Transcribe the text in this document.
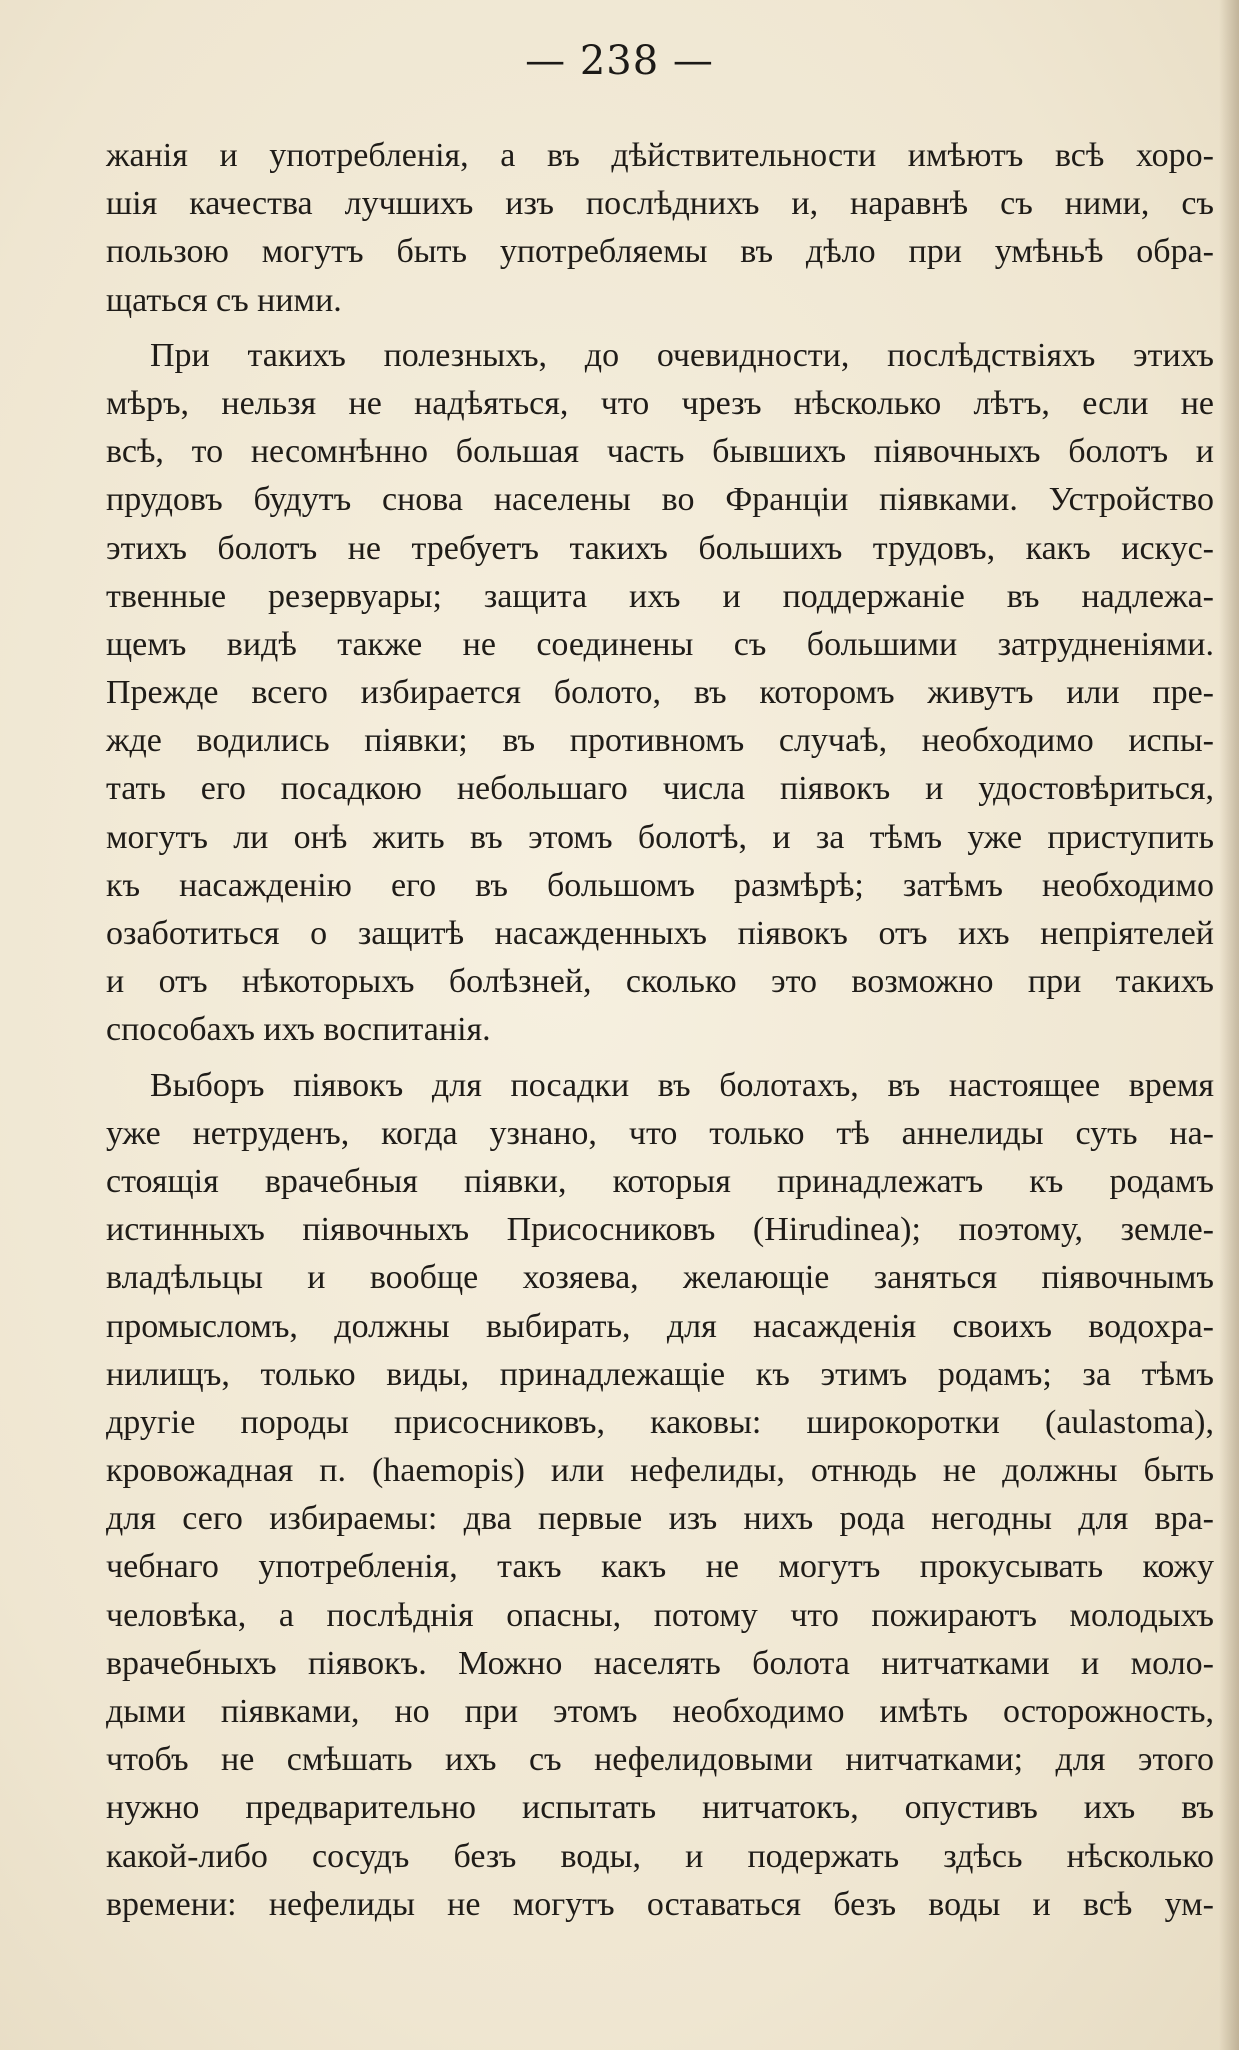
— 238 —
жанія и употребленія, а въ дѣйствительности имѣютъ всѣ хоро-
шія качества лучшихъ изъ послѣднихъ и, наравнѣ съ ними, съ
пользою могутъ быть употребляемы въ дѣло при умѣньѣ обра-
щаться съ ними.
При такихъ полезныхъ, до очевидности, послѣдствіяхъ этихъ
мѣръ, нельзя не надѣяться, что чрезъ нѣсколько лѣтъ, если не
всѣ, то несомнѣнно большая часть бывшихъ піявочныхъ болотъ и
прудовъ будутъ снова населены во Франціи піявками. Устройство
этихъ болотъ не требуетъ такихъ большихъ трудовъ, какъ искус-
твенные резервуары; защита ихъ и поддержаніе въ надлежа-
щемъ видѣ также не соединены съ большими затрудненіями.
Прежде всего избирается болото, въ которомъ живутъ или пре-
жде водились піявки; въ противномъ случаѣ, необходимо испы-
тать его посадкою небольшаго числа піявокъ и удостовѣриться,
могутъ ли онѣ жить въ этомъ болотѣ, и за тѣмъ уже приступить
къ насажденію его въ большомъ размѣрѣ; затѣмъ необходимо
озаботиться о защитѣ насажденныхъ піявокъ отъ ихъ непріятелей
и отъ нѣкоторыхъ болѣзней, сколько это возможно при такихъ
способахъ ихъ воспитанія.
Выборъ піявокъ для посадки въ болотахъ, въ настоящее время
уже нетруденъ, когда узнано, что только тѣ аннелиды суть на-
стоящія врачебныя піявки, которыя принадлежатъ къ родамъ
истинныхъ піявочныхъ Присосниковъ (Hirudinea); поэтому, земле-
владѣльцы и вообще хозяева, желающіе заняться піявочнымъ
промысломъ, должны выбирать, для насажденія своихъ водохра-
нилищъ, только виды, принадлежащіе къ этимъ родамъ; за тѣмъ
другіе породы присосниковъ, каковы: широкоротки (aulastoma),
кровожадная п. (haemopis) или нефелиды, отнюдь не должны быть
для сего избираемы: два первые изъ нихъ рода негодны для вра-
чебнаго употребленія, такъ какъ не могутъ прокусывать кожу
человѣка, а послѣднія опасны, потому что пожираютъ молодыхъ
врачебныхъ піявокъ. Можно населять болота нитчатками и моло-
дыми піявками, но при этомъ необходимо имѣть осторожность,
чтобъ не смѣшать ихъ съ нефелидовыми нитчатками; для этого
нужно предварительно испытать нитчатокъ, опустивъ ихъ въ
какой-либо сосудъ безъ воды, и подержать здѣсь нѣсколько
времени: нефелиды не могутъ оставаться безъ воды и всѣ ум-
